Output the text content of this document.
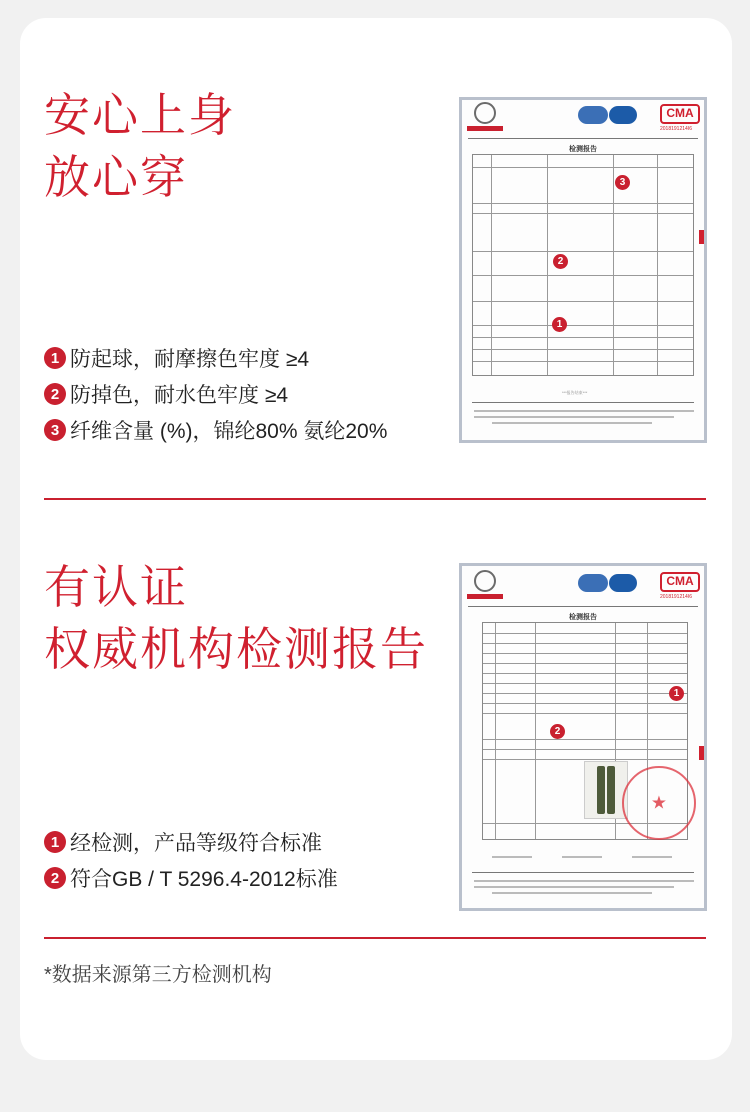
安心上身
放心穿
1 防起球，耐摩擦色牢度 ≥4
2 防掉色，耐水色牢度 ≥4
3 纤维含量 (%)，锦纶80% 氨纶20%
CMA
2018191214I6
检测报告
3
2
1
***报告结束***
有认证
权威机构检测报告
1 经检测，产品等级符合标准
2 符合GB / T 5296.4-2012标准
CMA
2018191214I6
检测报告
★
1
2
*数据来源第三方检测机构
